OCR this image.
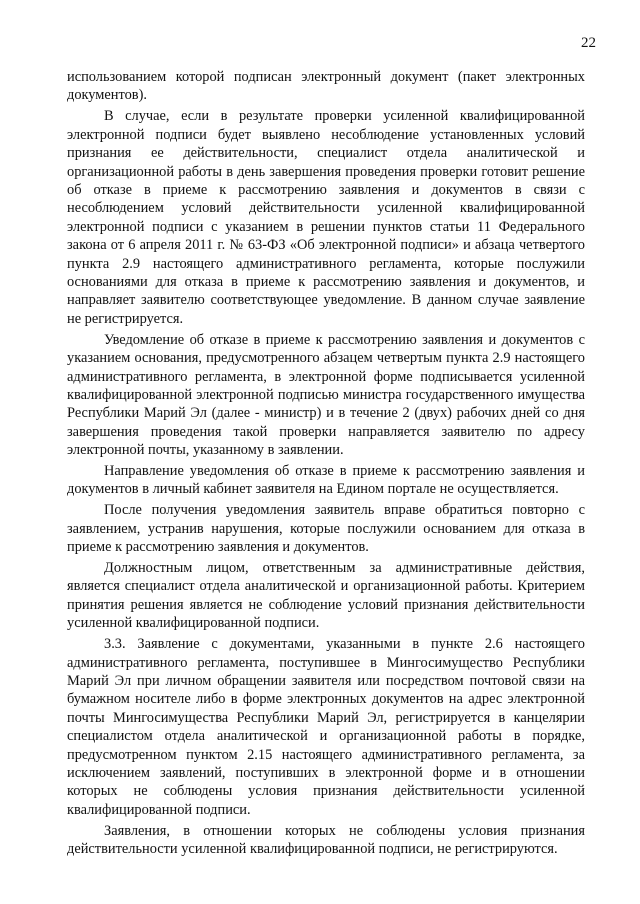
22

использованием которой подписан электронный документ (пакет электронных документов).

В случае, если в результате проверки усиленной квалифицированной электронной подписи будет выявлено несоблюдение установленных условий признания ее действительности, специалист отдела аналитической и организационной работы в день завершения проведения проверки готовит решение об отказе в приеме к рассмотрению заявления и документов в связи с несоблюдением условий действительности усиленной квалифицированной электронной подписи с указанием в решении пунктов статьи 11 Федерального закона от 6 апреля 2011 г. № 63-ФЗ «Об электронной подписи» и абзаца четвертого пункта 2.9 настоящего административного регламента, которые послужили основаниями для отказа в приеме к рассмотрению заявления и документов, и направляет заявителю соответствующее уведомление. В данном случае заявление не регистрируется.

Уведомление об отказе в приеме к рассмотрению заявления и документов с указанием основания, предусмотренного абзацем четвертым пункта 2.9 настоящего административного регламента, в электронной форме подписывается усиленной квалифицированной электронной подписью министра государственного имущества Республики Марий Эл (далее - министр) и в течение 2 (двух) рабочих дней со дня завершения проведения такой проверки направляется заявителю по адресу электронной почты, указанному в заявлении.

Направление уведомления об отказе в приеме к рассмотрению заявления и документов в личный кабинет заявителя на Едином портале не осуществляется.

После получения уведомления заявитель вправе обратиться повторно с заявлением, устранив нарушения, которые послужили основанием для отказа в приеме к рассмотрению заявления и документов.

Должностным лицом, ответственным за административные действия, является специалист отдела аналитической и организационной работы. Критерием принятия решения является не соблюдение условий признания действительности усиленной квалифицированной подписи.

3.3. Заявление с документами, указанными в пункте 2.6 настоящего административного регламента, поступившее в Мингосимущество Республики Марий Эл при личном обращении заявителя или посредством почтовой связи на бумажном носителе либо в форме электронных документов на адрес электронной почты Мингосимущества Республики Марий Эл, регистрируется в канцелярии специалистом отдела аналитической и организационной работы в порядке, предусмотренном пунктом 2.15 настоящего административного регламента, за исключением заявлений, поступивших в электронной форме и в отношении которых не соблюдены условия признания действительности усиленной квалифицированной подписи.

Заявления, в отношении которых не соблюдены условия признания действительности усиленной квалифицированной подписи, не регистрируются.
